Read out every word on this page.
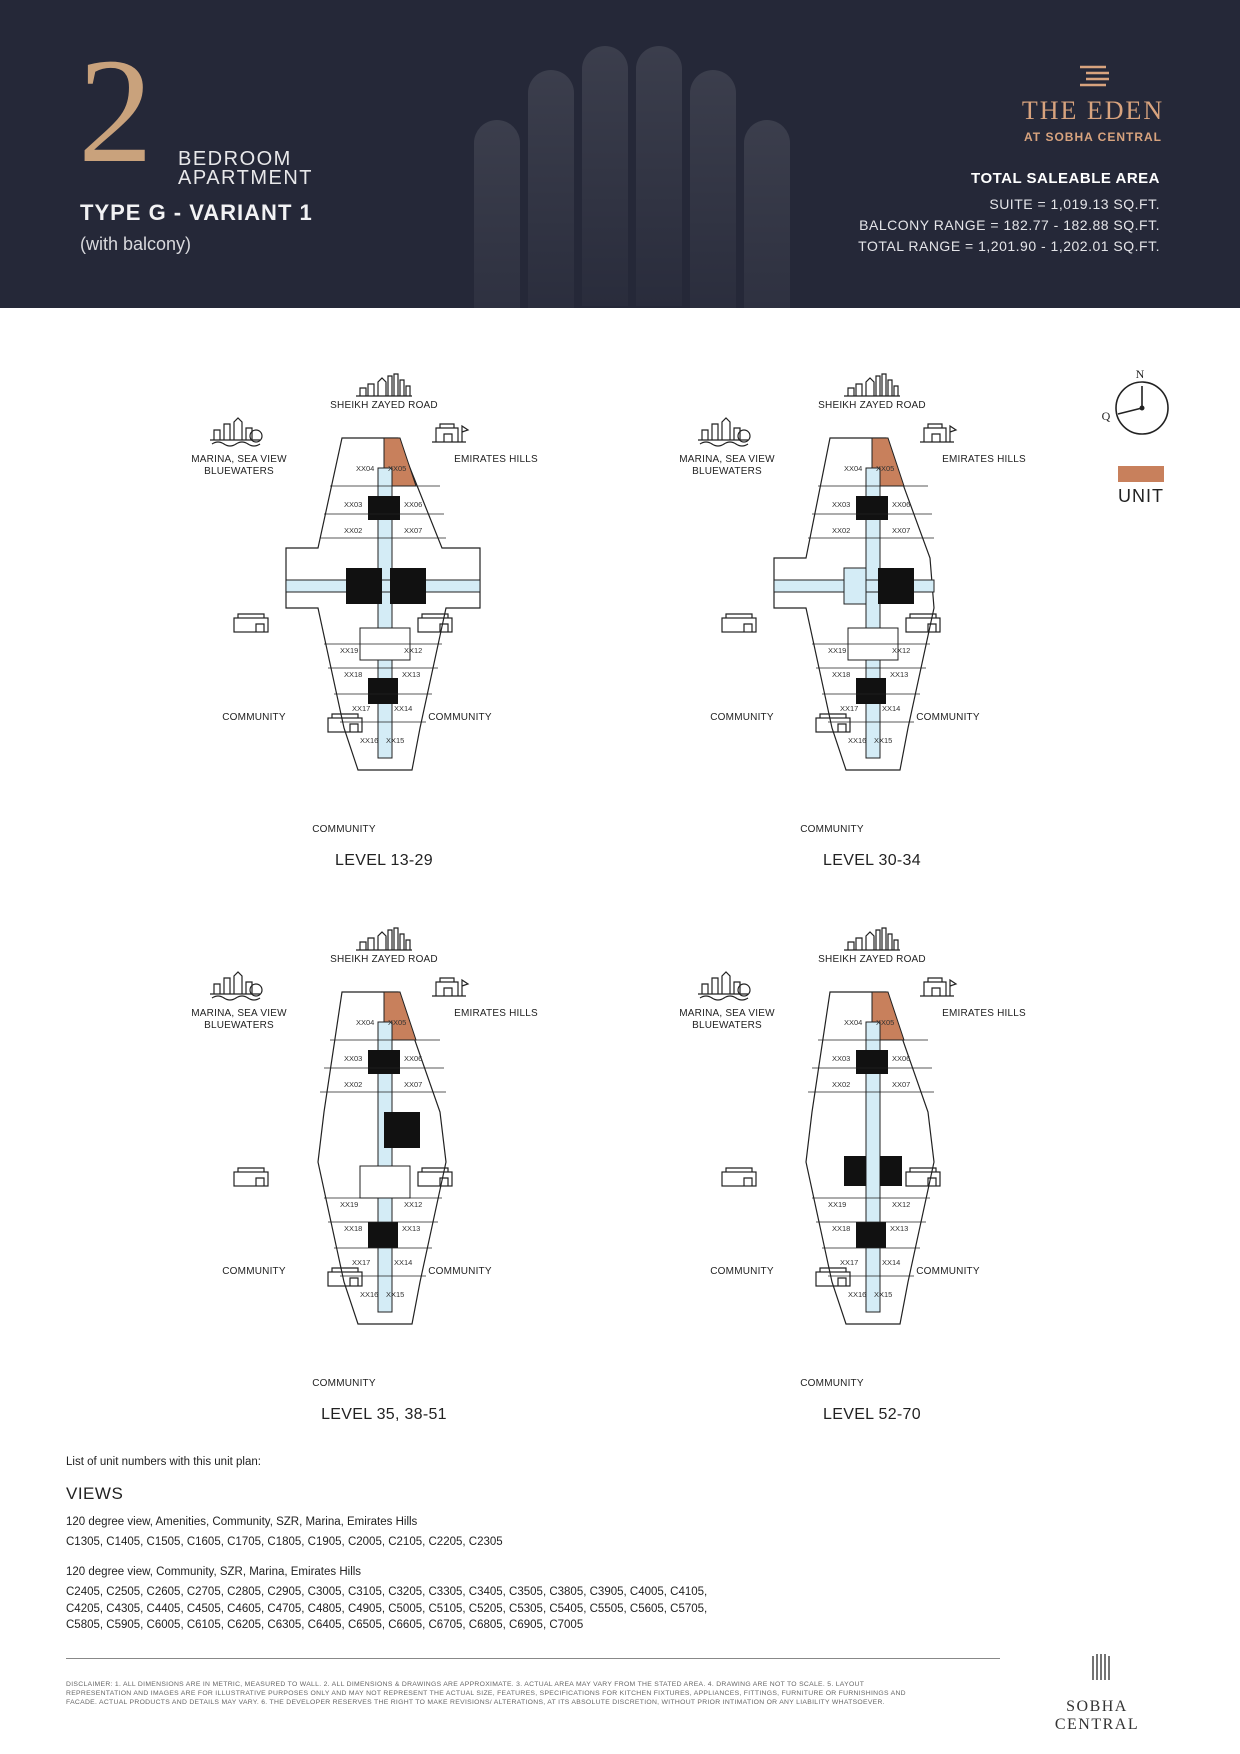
2 BEDROOM
APARTMENT
TYPE G - VARIANT 1
(with balcony)
THE EDEN
AT SOBHA CENTRAL
TOTAL SALEABLE AREA
SUITE = 1,019.13 SQ.FT.
BALCONY RANGE = 182.77 - 182.88 SQ.FT.
TOTAL RANGE = 1,201.90 - 1,202.01 SQ.FT.
N
Q
UNIT
SHEIKH ZAYED ROAD
MARINA, SEA VIEW
BLUEWATERS
EMIRATES HILLS
COMMUNITY	COMMUNITY
COMMUNITY
XX04 XX05
XX03	XX06
XX02	XX07
XX19	XX12
XX18	XX13
XX17	XX14
XX16 XX15
LEVEL 13-29
SHEIKH ZAYED ROAD
MARINA, SEA VIEW
BLUEWATERS
EMIRATES HILLS
COMMUNITY	COMMUNITY
COMMUNITY
XX04 XX05
XX03	XX06
XX02	XX07
XX19	XX12
XX18	XX13
XX17	XX14
XX16 XX15
LEVEL 30-34
SHEIKH ZAYED ROAD
MARINA, SEA VIEW
BLUEWATERS
EMIRATES HILLS
COMMUNITY	COMMUNITY
COMMUNITY
XX04 XX05
XX03	XX06
XX02	XX07
XX19	XX12
XX18	XX13
XX17	XX14
XX16 XX15
LEVEL 35, 38-51
SHEIKH ZAYED ROAD
MARINA, SEA VIEW
BLUEWATERS
EMIRATES HILLS
COMMUNITY	COMMUNITY
COMMUNITY
XX04 XX05
XX03	XX06
XX02	XX07
XX19	XX12
XX18	XX13
XX17	XX14
XX16 XX15
LEVEL 52-70
List of unit numbers with this unit plan:
VIEWS
120 degree view, Amenities, Community, SZR, Marina, Emirates Hills
C1305, C1405, C1505, C1605, C1705, C1805, C1905, C2005, C2105, C2205, C2305
120 degree view, Community, SZR, Marina, Emirates Hills
C2405, C2505, C2605, C2705, C2805, C2905, C3005, C3105, C3205, C3305, C3405, C3505, C3805, C3905, C4005, C4105,
C4205, C4305, C4405, C4505, C4605, C4705, C4805, C4905, C5005, C5105, C5205, C5305, C5405, C5505, C5605, C5705,
C5805, C5905, C6005, C6105, C6205, C6305, C6405, C6505, C6605, C6705, C6805, C6905, C7005
DISCLAIMER: 1. ALL DIMENSIONS ARE IN METRIC, MEASURED TO WALL. 2. ALL DIMENSIONS & DRAWINGS ARE APPROXIMATE. 3. ACTUAL AREA MAY VARY FROM THE STATED AREA. 4. DRAWING ARE NOT TO SCALE. 5. LAYOUT
REPRESENTATION AND IMAGES ARE FOR ILLUSTRATIVE PURPOSES ONLY AND MAY NOT REPRESENT THE ACTUAL SIZE, FEATURES, SPECIFICATIONS FOR KITCHEN FIXTURES, APPLIANCES, FITTINGS, FURNITURE OR FURNISHINGS AND
FACADE. ACTUAL PRODUCTS AND DETAILS MAY VARY. 6. THE DEVELOPER RESERVES THE RIGHT TO MAKE REVISIONS/ ALTERATIONS, AT ITS ABSOLUTE DISCRETION, WITHOUT PRIOR INTIMATION OR ANY LIABILITY WHATSOEVER.	SOBHA CENTRAL
